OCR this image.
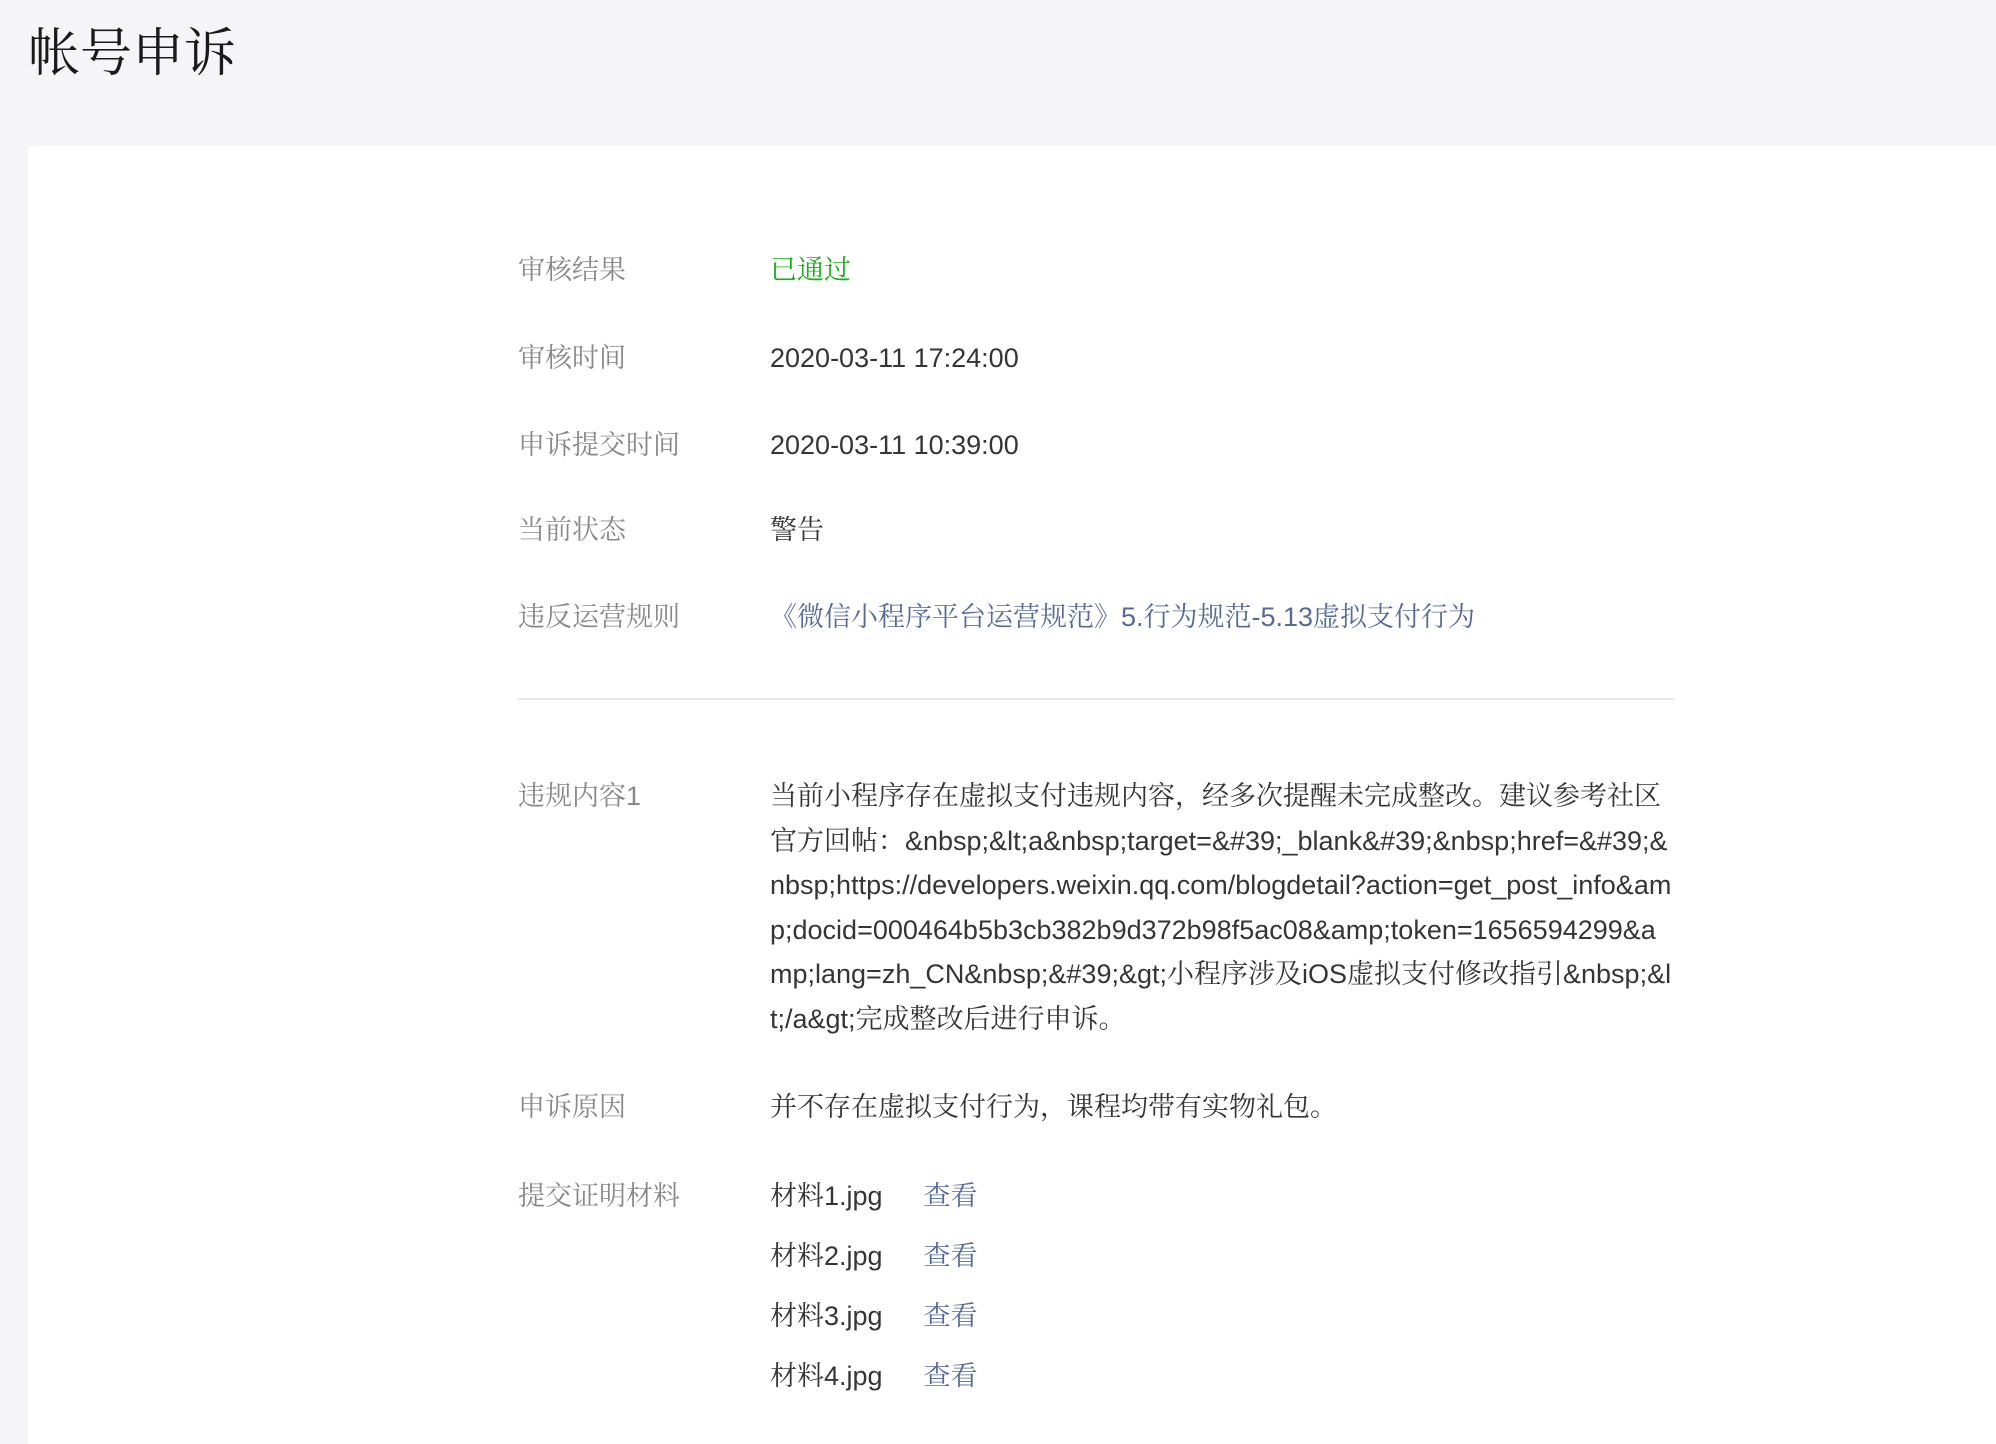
帐号申诉
审核结果	已通过
审核时间	2020-03-11 17:24:00
申诉提交时间	2020-03-11 10:39:00
当前状态	警告
违反运营规则	《微信小程序平台运营规范》5.行为规范-5.13虚拟支付行为
违规内容1	当前小程序存在虚拟支付违规内容，经多次提醒未完成整改。建议参考社区官方回帖：&nbsp;&lt;a&nbsp;target=&#39;_blank&#39;&nbsp;href=&#39;&nbsp;https://developers.weixin.qq.com/blogdetail?action=get_post_info&amp;docid=000464b5b3cb382b9d372b98f5ac08&amp;token=1656594299&amp;lang=zh_CN&nbsp;&#39;&gt;小程序涉及iOS虚拟支付修改指引&nbsp;&lt;/a&gt;完成整改后进行申诉。
申诉原因	并不存在虚拟支付行为，课程均带有实物礼包。
提交证明材料	材料1.jpg 查看
材料2.jpg 查看
材料3.jpg 查看
材料4.jpg 查看
